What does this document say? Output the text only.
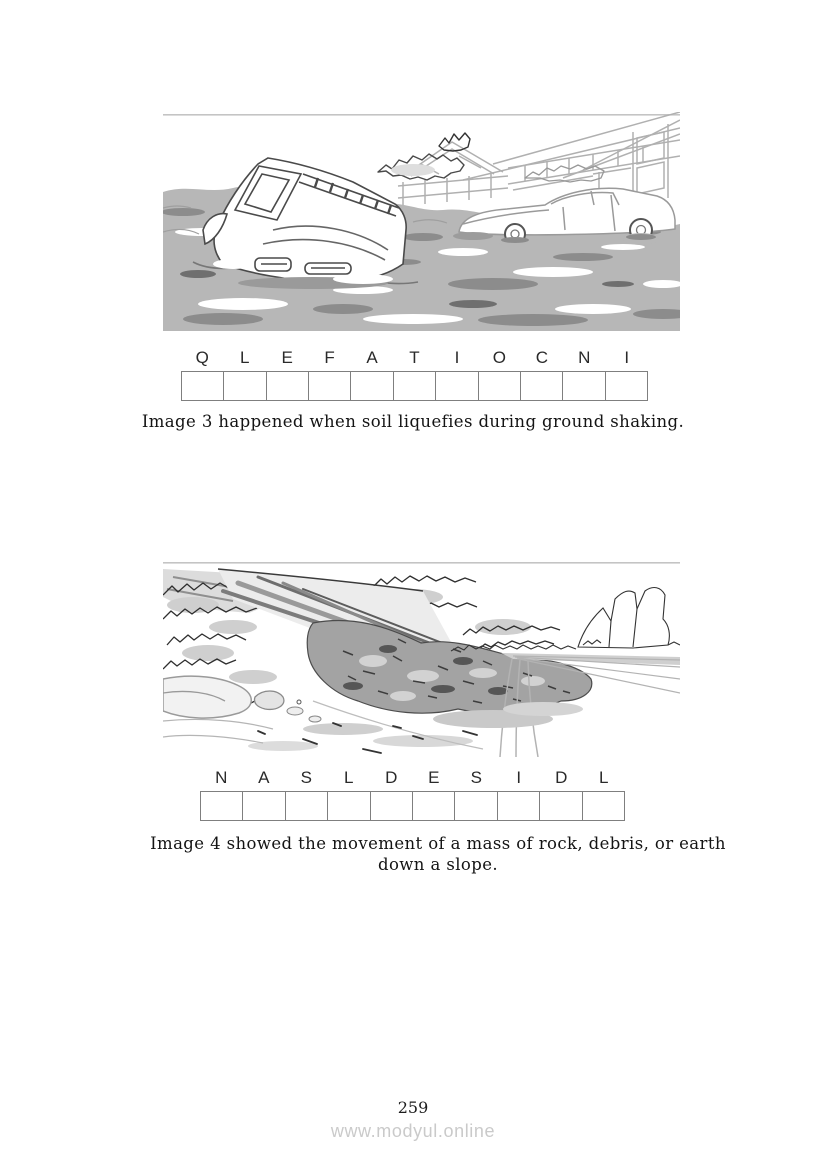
Q	L	E	F	A	T	I	O	C	N	I
Image 3 happened when soil liquefies during ground shaking.
N	A	S	L	D	E	S	I	D	L
Image 4 showed the movement of a mass of rock, debris, or earth
down a slope.
259
www.modyul.online
